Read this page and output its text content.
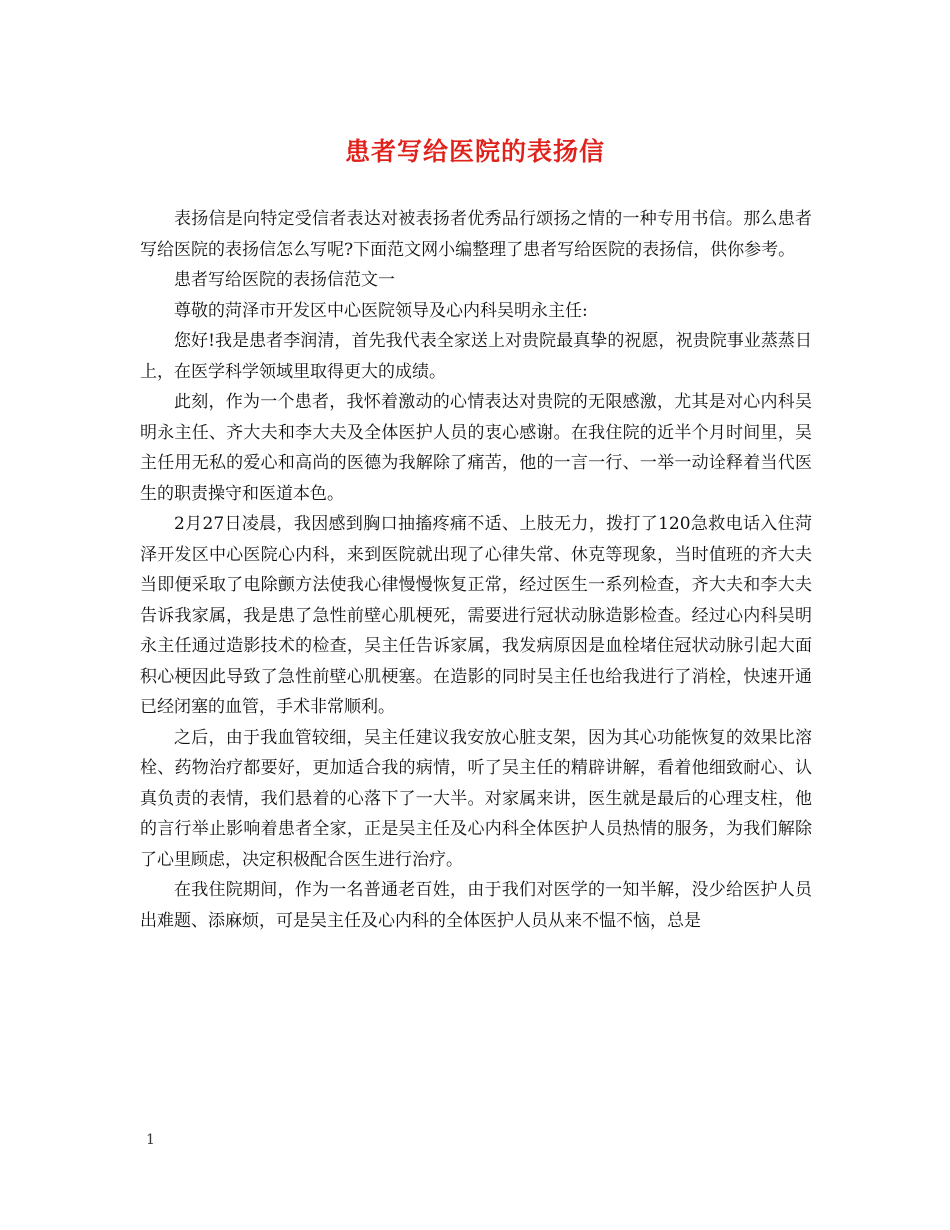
患者写给医院的表扬信

表扬信是向特定受信者表达对被表扬者优秀品行颂扬之情的一种专用书信。那么患者写给医院的表扬信怎么写呢?下面范文网小编整理了患者写给医院的表扬信，供你参考。

患者写给医院的表扬信范文一

尊敬的菏泽市开发区中心医院领导及心内科吴明永主任:

您好!我是患者李润清，首先我代表全家送上对贵院最真挚的祝愿，祝贵院事业蒸蒸日上，在医学科学领域里取得更大的成绩。

此刻，作为一个患者，我怀着激动的心情表达对贵院的无限感激，尤其是对心内科吴明永主任、齐大夫和李大夫及全体医护人员的衷心感谢。在我住院的近半个月时间里，吴主任用无私的爱心和高尚的医德为我解除了痛苦，他的一言一行、一举一动诠释着当代医生的职责操守和医道本色。

2月27日凌晨，我因感到胸口抽搐疼痛不适、上肢无力，拨打了120急救电话入住菏泽开发区中心医院心内科，来到医院就出现了心律失常、休克等现象，当时值班的齐大夫当即便采取了电除颤方法使我心律慢慢恢复正常，经过医生一系列检查，齐大夫和李大夫告诉我家属，我是患了急性前壁心肌梗死，需要进行冠状动脉造影检查。经过心内科吴明永主任通过造影技术的检查，吴主任告诉家属，我发病原因是血栓堵住冠状动脉引起大面积心梗因此导致了急性前壁心肌梗塞。在造影的同时吴主任也给我进行了消栓，快速开通已经闭塞的血管，手术非常顺利。

之后，由于我血管较细，吴主任建议我安放心脏支架，因为其心功能恢复的效果比溶栓、药物治疗都要好，更加适合我的病情，听了吴主任的精辟讲解，看着他细致耐心、认真负责的表情，我们悬着的心落下了一大半。对家属来讲，医生就是最后的心理支柱，他的言行举止影响着患者全家，正是吴主任及心内科全体医护人员热情的服务，为我们解除了心里顾虑，决定积极配合医生进行治疗。

在我住院期间，作为一名普通老百姓，由于我们对医学的一知半解，没少给医护人员出难题、添麻烦，可是吴主任及心内科的全体医护人员从来不愠不恼，总是

1
